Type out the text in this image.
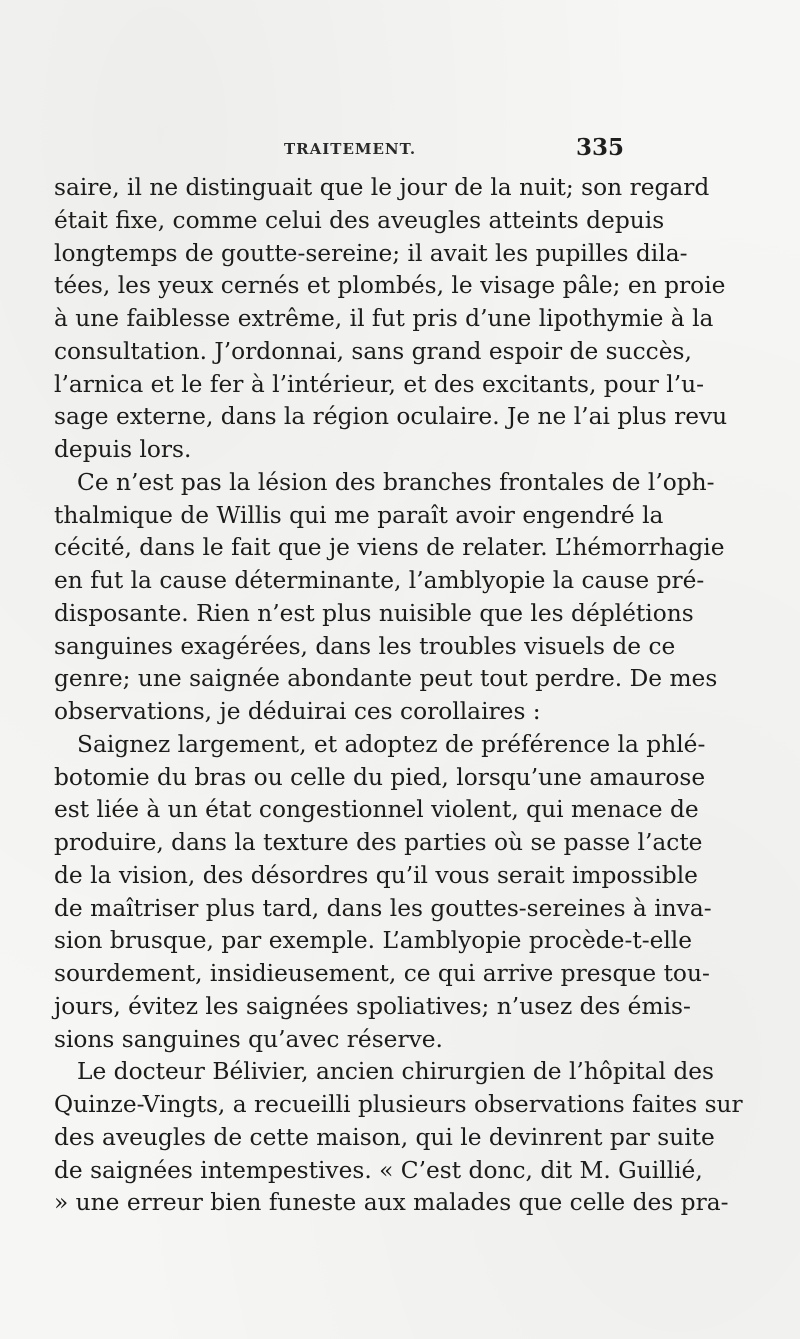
TRAITEMENT.	335
saire, il ne distinguait que le jour de la nuit; son regard
était fixe, comme celui des aveugles atteints depuis
longtemps de goutte-sereine; il avait les pupilles dila-
tées, les yeux cernés et plombés, le visage pâle; en proie
à une faiblesse extrême, il fut pris d’une lipothymie à la
consultation. J’ordonnai, sans grand espoir de succès,
l’arnica et le fer à l’intérieur, et des excitants, pour l’u-
sage externe, dans la région oculaire. Je ne l’ai plus revu
depuis lors.
Ce n’est pas la lésion des branches frontales de l’oph-
thalmique de Willis qui me paraît avoir engendré la
cécité, dans le fait que je viens de relater. L’hémorrhagie
en fut la cause déterminante, l’amblyopie la cause pré-
disposante. Rien n’est plus nuisible que les déplétions
sanguines exagérées, dans les troubles visuels de ce
genre; une saignée abondante peut tout perdre. De mes
observations, je déduirai ces corollaires :
Saignez largement, et adoptez de préférence la phlé-
botomie du bras ou celle du pied, lorsqu’une amaurose
est liée à un état congestionnel violent, qui menace de
produire, dans la texture des parties où se passe l’acte
de la vision, des désordres qu’il vous serait impossible
de maîtriser plus tard, dans les gouttes-sereines à inva-
sion brusque, par exemple. L’amblyopie procède-t-elle
sourdement, insidieusement, ce qui arrive presque tou-
jours, évitez les saignées spoliatives; n’usez des émis-
sions sanguines qu’avec réserve.
Le docteur Bélivier, ancien chirurgien de l’hôpital des
Quinze-Vingts, a recueilli plusieurs observations faites sur
des aveugles de cette maison, qui le devinrent par suite
de saignées intempestives. « C’est donc, dit M. Guillié,
» une erreur bien funeste aux malades que celle des pra-
